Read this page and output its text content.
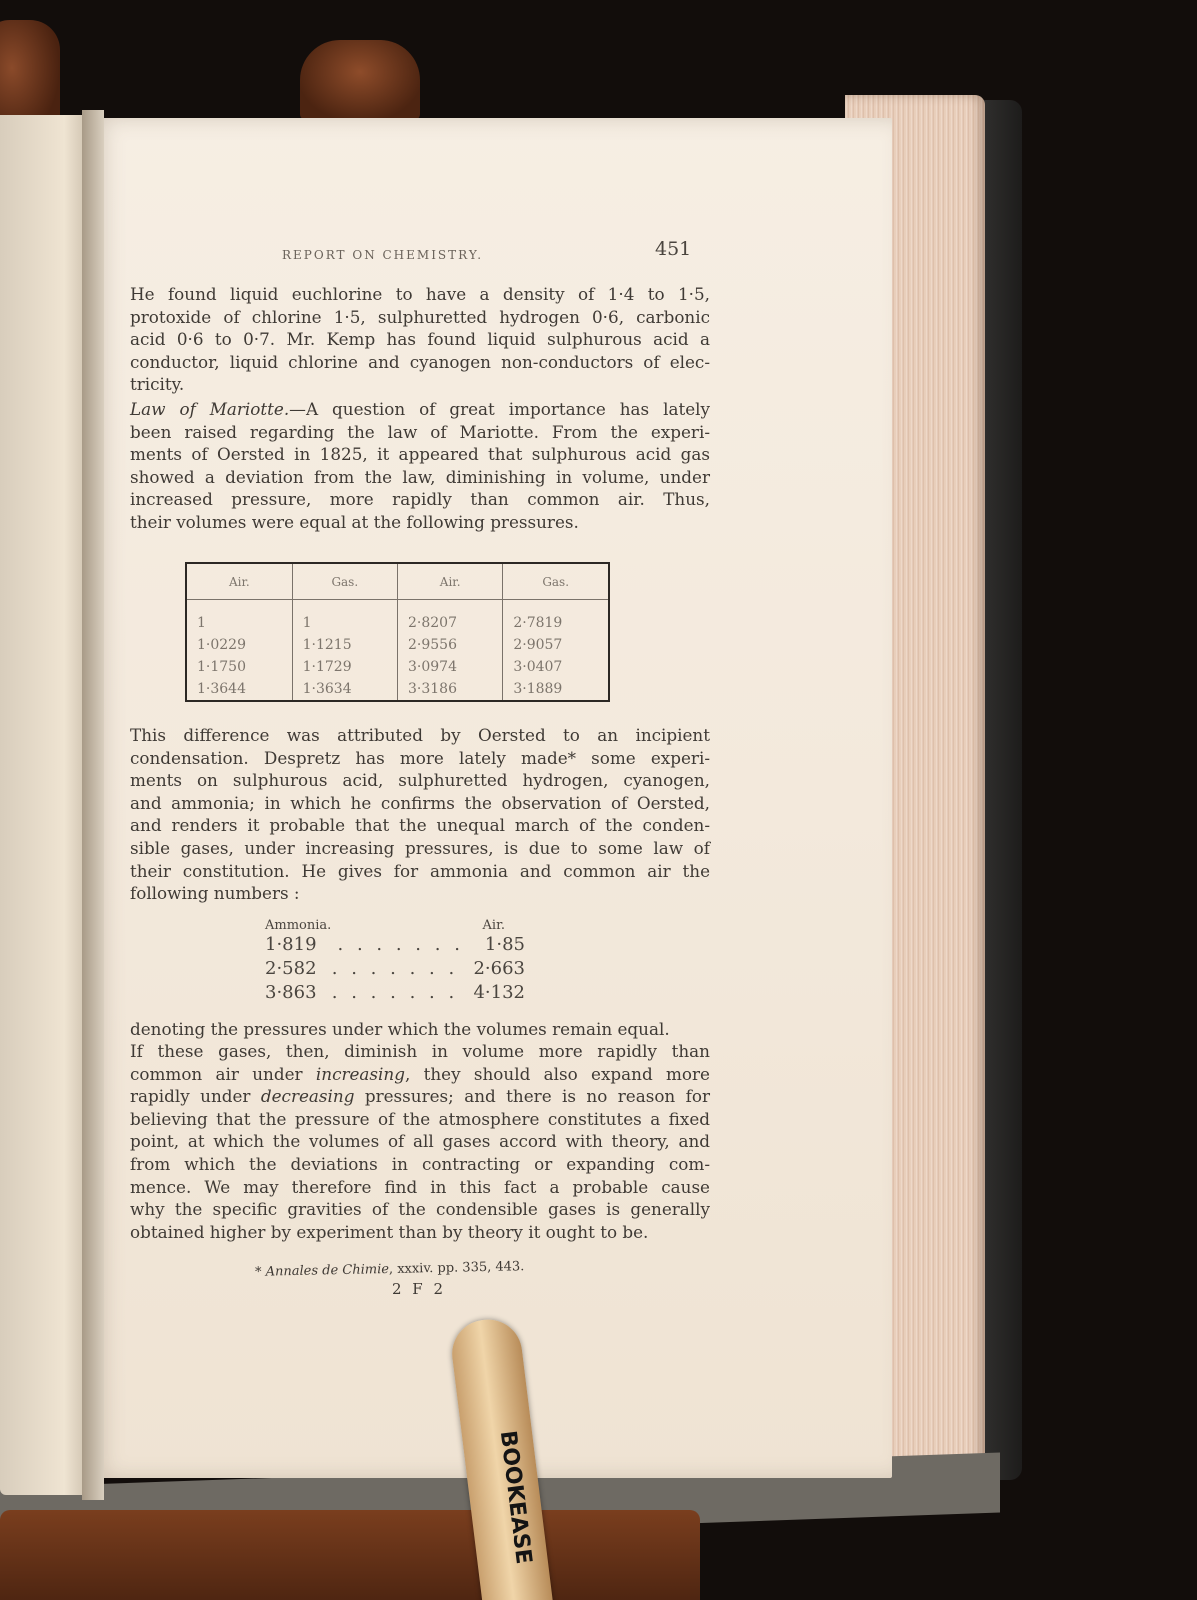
REPORT ON CHEMISTRY.	451

He found liquid euchlorine to have a density of 1·4 to 1·5,

protoxide of chlorine 1·5, sulphuretted hydrogen 0·6, carbonic

acid 0·6 to 0·7. Mr. Kemp has found liquid sulphurous acid a

conductor, liquid chlorine and cyanogen non-conductors of elec-

tricity.

Law of Mariotte.—A question of great importance has lately

been raised regarding the law of Mariotte. From the experi-

ments of Oersted in 1825, it appeared that sulphurous acid gas

showed a deviation from the law, diminishing in volume, under

increased pressure, more rapidly than common air. Thus,

their volumes were equal at the following pressures.

Air.	Gas.	Air.	Gas.
1	1	2·8207	2·7819
1·0229	1·1215	2·9556	2·9057
1·1750	1·1729	3·0974	3·0407
1·3644	1·3634	3·3186	3·1889

This difference was attributed by Oersted to an incipient

condensation. Despretz has more lately made* some experi-

ments on sulphurous acid, sulphuretted hydrogen, cyanogen,

and ammonia; in which he confirms the observation of Oersted,

and renders it probable that the unequal march of the conden-

sible gases, under increasing pressures, is due to some law of

their constitution. He gives for ammonia and common air the

following numbers :

Ammonia.	Air.
1·819 . . . . . . . 1·85
2·582 . . . . . . . 2·663
3·863 . . . . . . . 4·132

denoting the pressures under which the volumes remain equal.

If these gases, then, diminish in volume more rapidly than

common air under increasing, they should also expand more

rapidly under decreasing pressures; and there is no reason for

believing that the pressure of the atmosphere constitutes a fixed

point, at which the volumes of all gases accord with theory, and

from which the deviations in contracting or expanding com-

mence. We may therefore find in this fact a probable cause

why the specific gravities of the condensible gases is generally

obtained higher by experiment than by theory it ought to be.

* Annales de Chimie, xxxiv. pp. 335, 443.
2 F 2
BOOKEASE
